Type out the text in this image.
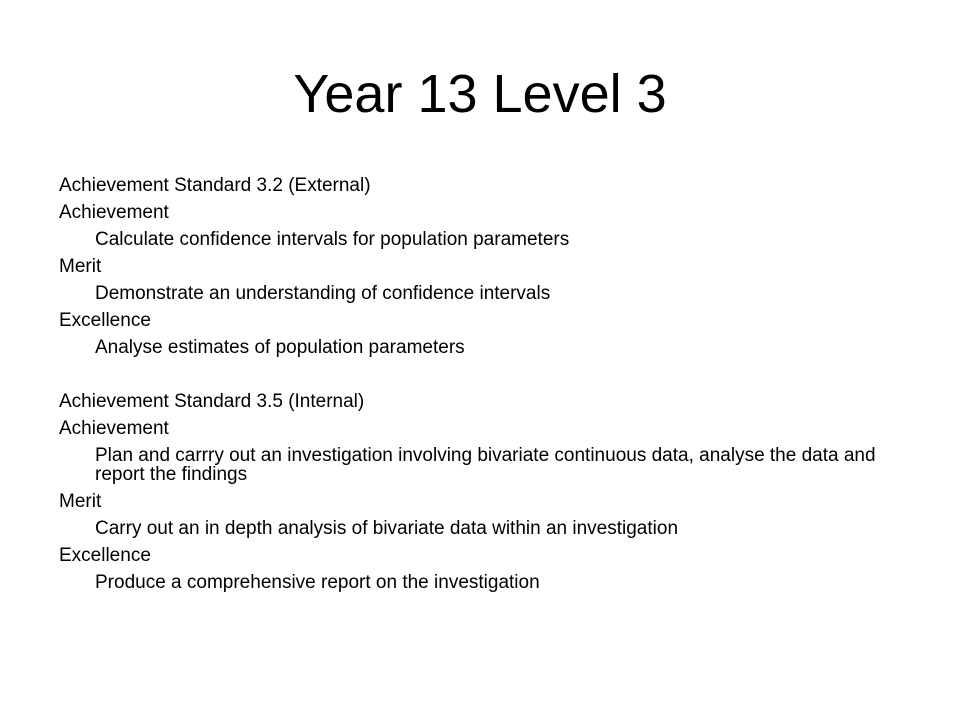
Year 13 Level 3
Achievement Standard 3.2 (External)
Achievement
Calculate confidence intervals for population parameters
Merit
Demonstrate an understanding of confidence intervals
Excellence
Analyse estimates of population parameters
Achievement Standard 3.5 (Internal)
Achievement
Plan and carrry out an investigation involving bivariate continuous data, analyse the data and report the findings
Merit
Carry out an in depth analysis of bivariate data within an investigation
Excellence
Produce a comprehensive report on the investigation
